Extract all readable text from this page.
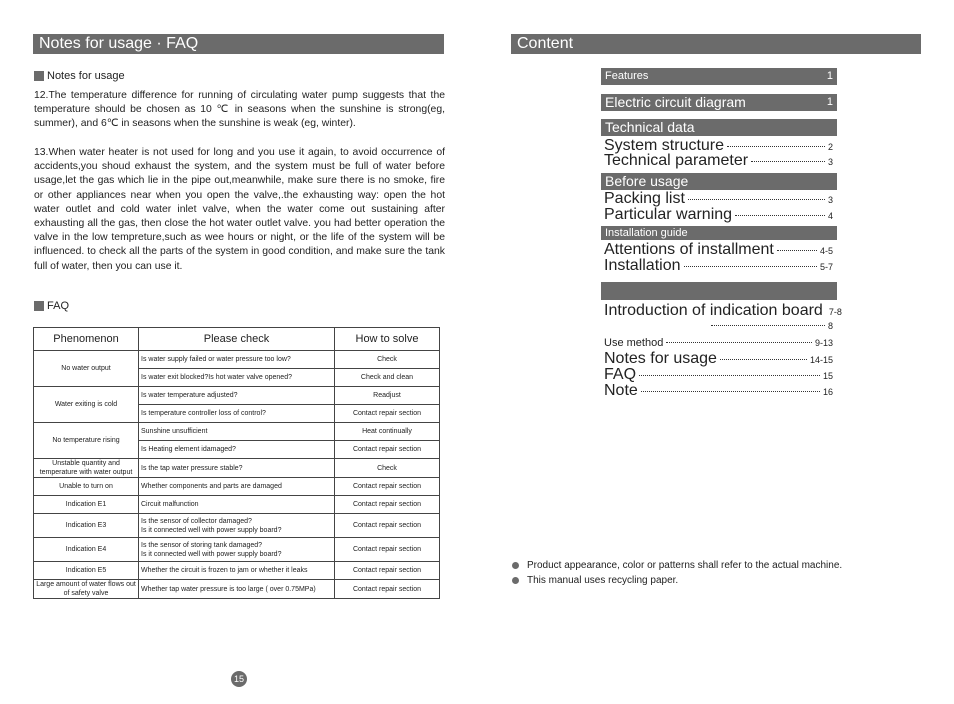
Notes for usage · FAQ
Notes for usage
12.The temperature difference for running of circulating water pump suggests that the temperature should be chosen as 10 ℃ in seasons when the sunshine is strong(eg, summer), and 6℃ in seasons when the sunshine is weak (eg, winter).
13.When water heater is not used for long and you use it again, to avoid occurrence of accidents,you shoud exhaust the system, and the system must be full of water before usage,let the gas which lie in the pipe out,meanwhile, make sure there is no smoke, fire or other appliances near when you open the valve,.the exhausting way: open the hot water outlet and cold water inlet valve, when the water come out sustaining after exhausting all the gas, then close the hot water outlet valve. you had better operation the valve in the low tempreture,such as wee hours or night, or the life of the system will be influenced. to check all the parts of the system in good condition, and make sure the tank full of water, then you can use it.
FAQ
Phenomenon	Please check	How to solve
No water output	Is water supply failed or water pressure too low?	Check
	Is water exit blocked?Is hot water valve opened?	Check and clean
Water exiting is cold	Is water temperature adjusted?	Readjust
	Is temperature controller loss of control?	Contact repair section
No temperature rising	Sunshine unsufficient	Heat continually
	Is Heating element idamaged?	Contact repair section
Unstable quantity and temperature with water output	Is the tap water pressure stable?	Check
Unable to turn on	Whether components and parts are damaged	Contact repair section
Indication E1	Circuit malfunction	Contact repair section
Indication E3	Is the sensor of collector damaged?
Is it connected well with power supply board?	Contact repair section
Indication E4	Is the sensor of storing tank damaged?
Is it connected well with power supply board?	Contact repair section
Indication E5	Whether the circuit is frozen to jam or whether it leaks	Contact repair section
Large amount of water flows out of safety valve	Whether tap water pressure is too large ( over 0.75MPa)	Contact repair section
15
Content
Features	1
Electric circuit diagram	1
Technical data
System structure	2
Technical parameter	3
Before usage
Packing list	3
Particular warning	4
Installation guide
Attentions of installment	4-5
Installation	5-7
Introduction of indication board 7-8
8
Use method	9-13
Notes for usage	14-15
FAQ	15
Note	16
Product appearance, color or patterns shall refer to the actual machine.
This manual uses recycling paper.
